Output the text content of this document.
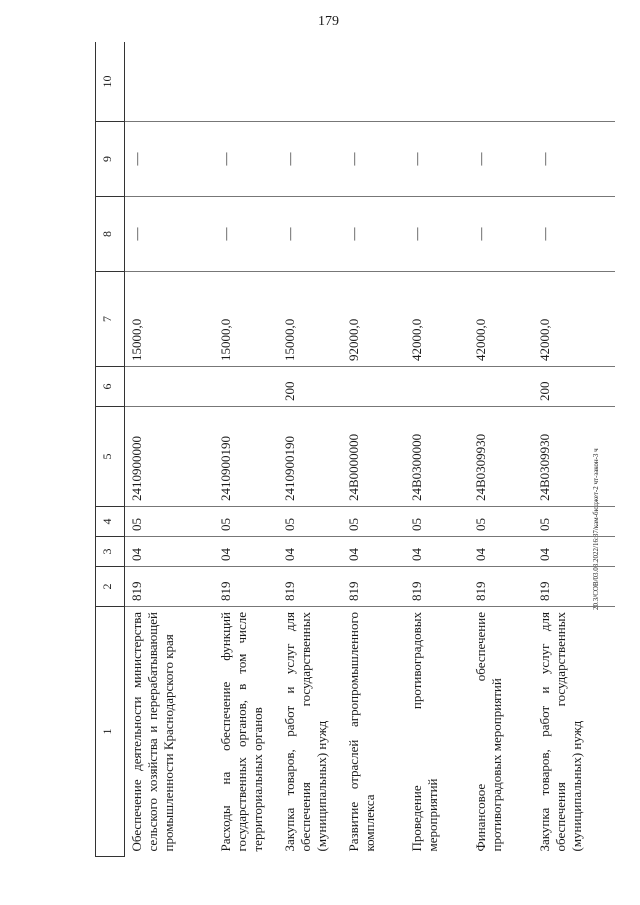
179
20.3/СОВ/03.03.2022/16:37/кам-бюджет-2 чт-закон-3 ч
1	2	3	4	5	6	7	8	9	10
Обеспечение деятельности министерства сельского хозяйства и перерабатывающей промышленности Краснодарского края	819	04	05	2410900000		15000,0	—	—	
Расходы на обеспечение функций государственных органов, в том числе территориальных органов	819	04	05	2410900190		15000,0	—	—	
Закупка товаров, работ и услуг для обеспечения государственных (муниципальных) нужд	819	04	05	2410900190	200	15000,0	—	—	
Развитие отраслей агропромышленного комплекса	819	04	05	24В0000000		92000,0	—	—	
Проведение противоградовых мероприятий	819	04	05	24В0300000		42000,0	—	—	
Финансовое обеспечение противоградовых мероприятий	819	04	05	24В0309930		42000,0	—	—	
Закупка товаров, работ и услуг для обеспечения государственных (муниципальных) нужд	819	04	05	24В0309930	200	42000,0	—	—	
